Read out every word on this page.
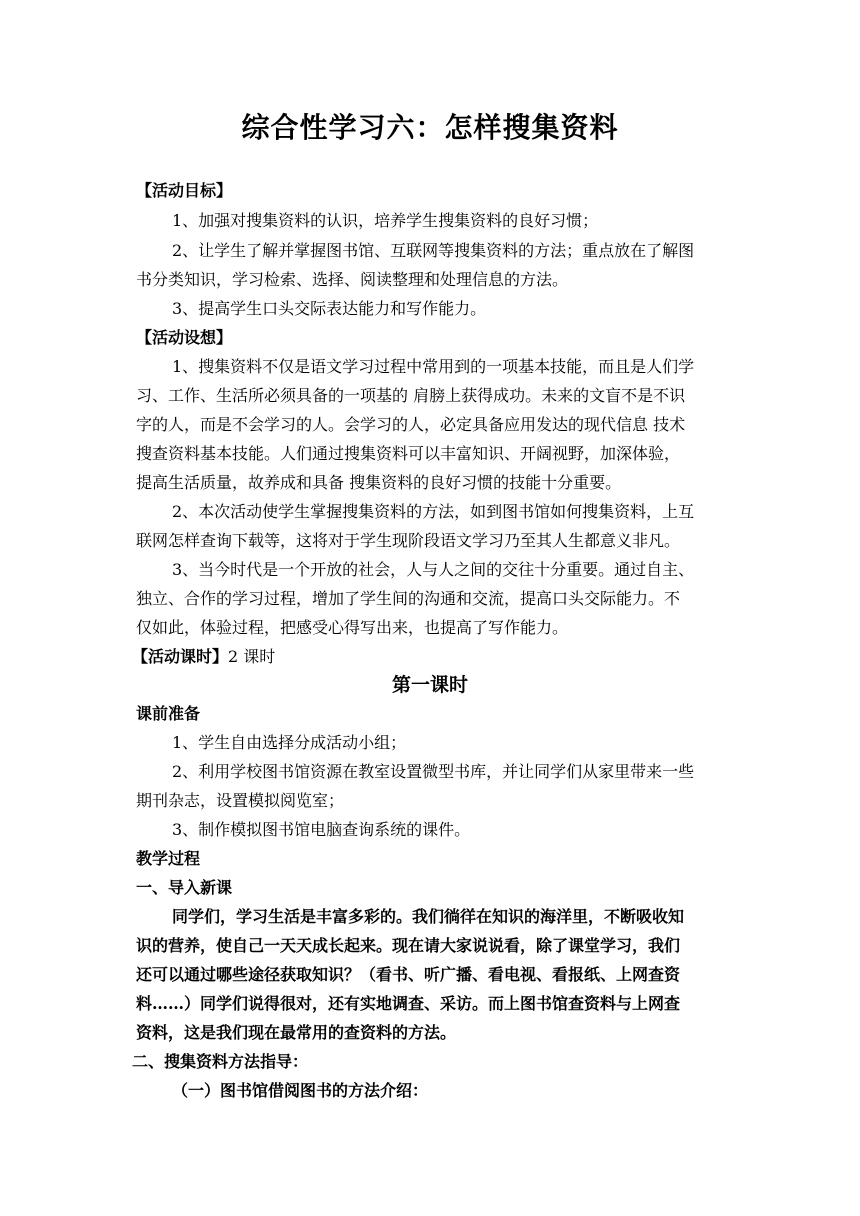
综合性学习六：怎样搜集资料
【活动目标】
1、加强对搜集资料的认识，培养学生搜集资料的良好习惯；
2、让学生了解并掌握图书馆、互联网等搜集资料的方法；重点放在了解图
书分类知识，学习检索、选择、阅读整理和处理信息的方法。
3、提高学生口头交际表达能力和写作能力。
【活动设想】
1、搜集资料不仅是语文学习过程中常用到的一项基本技能，而且是人们学
习、工作、生活所必须具备的一项基的 肩膀上获得成功。未来的文盲不是不识
字的人，而是不会学习的人。会学习的人，必定具备应用发达的现代信息 技术
搜查资料基本技能。人们通过搜集资料可以丰富知识、开阔视野，加深体验，
提高生活质量，故养成和具备 搜集资料的良好习惯的技能十分重要。
2、本次活动使学生掌握搜集资料的方法，如到图书馆如何搜集资料，上互
联网怎样查询下载等，这将对于学生现阶段语文学习乃至其人生都意义非凡。
3、当今时代是一个开放的社会，人与人之间的交往十分重要。通过自主、
独立、合作的学习过程，增加了学生间的沟通和交流，提高口头交际能力。不
仅如此，体验过程，把感受心得写出来，也提高了写作能力。
【活动课时】2 课时
第一课时
课前准备
1、学生自由选择分成活动小组；
2、利用学校图书馆资源在教室设置微型书库，并让同学们从家里带来一些
期刊杂志，设置模拟阅览室；
3、制作模拟图书馆电脑查询系统的课件。
教学过程
一、导入新课
同学们，学习生活是丰富多彩的。我们徜徉在知识的海洋里，不断吸收知
识的营养，使自己一天天成长起来。现在请大家说说看，除了课堂学习，我们
还可以通过哪些途径获取知识？（看书、听广播、看电视、看报纸、上网查资
料……）同学们说得很对，还有实地调查、采访。而上图书馆查资料与上网查
资料，这是我们现在最常用的查资料的方法。
二、搜集资料方法指导：
（一）图书馆借阅图书的方法介绍：
